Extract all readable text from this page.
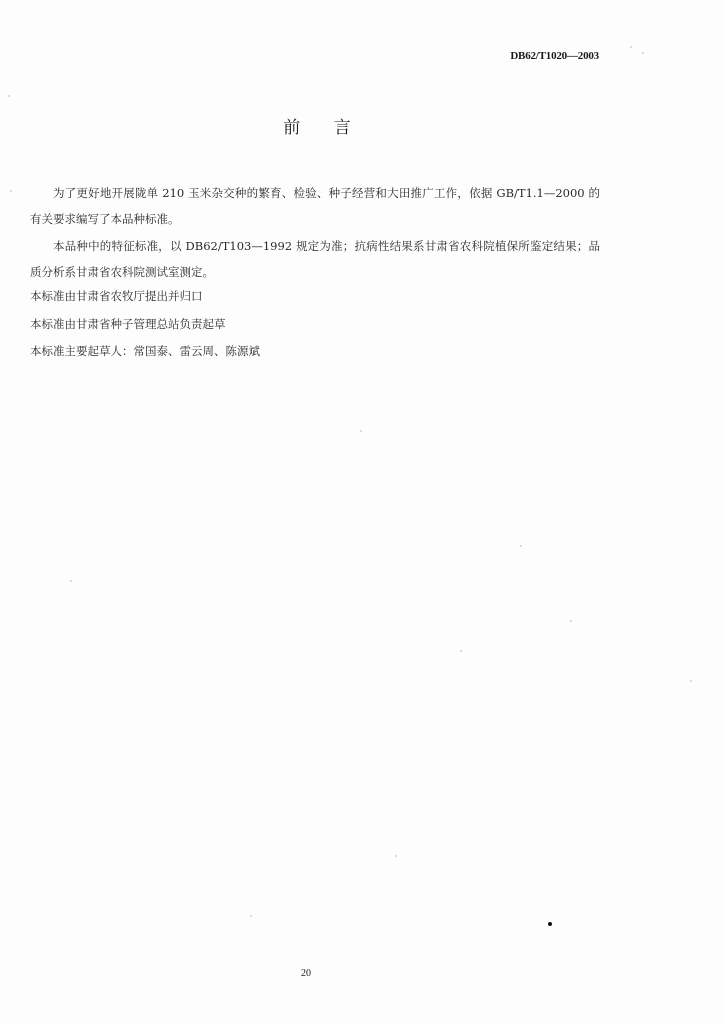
DB62/T1020—2003
前 言
为了更好地开展陇单 210 玉米杂交种的繁育、检验、种子经营和大田推广工作，依据 GB/T1.1—2000 的有关要求编写了本品种标准。
本品种中的特征标准，以 DB62/T103—1992 规定为准；抗病性结果系甘肃省农科院植保所鉴定结果；品质分析系甘肃省农科院测试室测定。
本标准由甘肃省农牧厅提出并归口
本标准由甘肃省种子管理总站负责起草
本标准主要起草人：常国泰、雷云周、陈源斌
20
